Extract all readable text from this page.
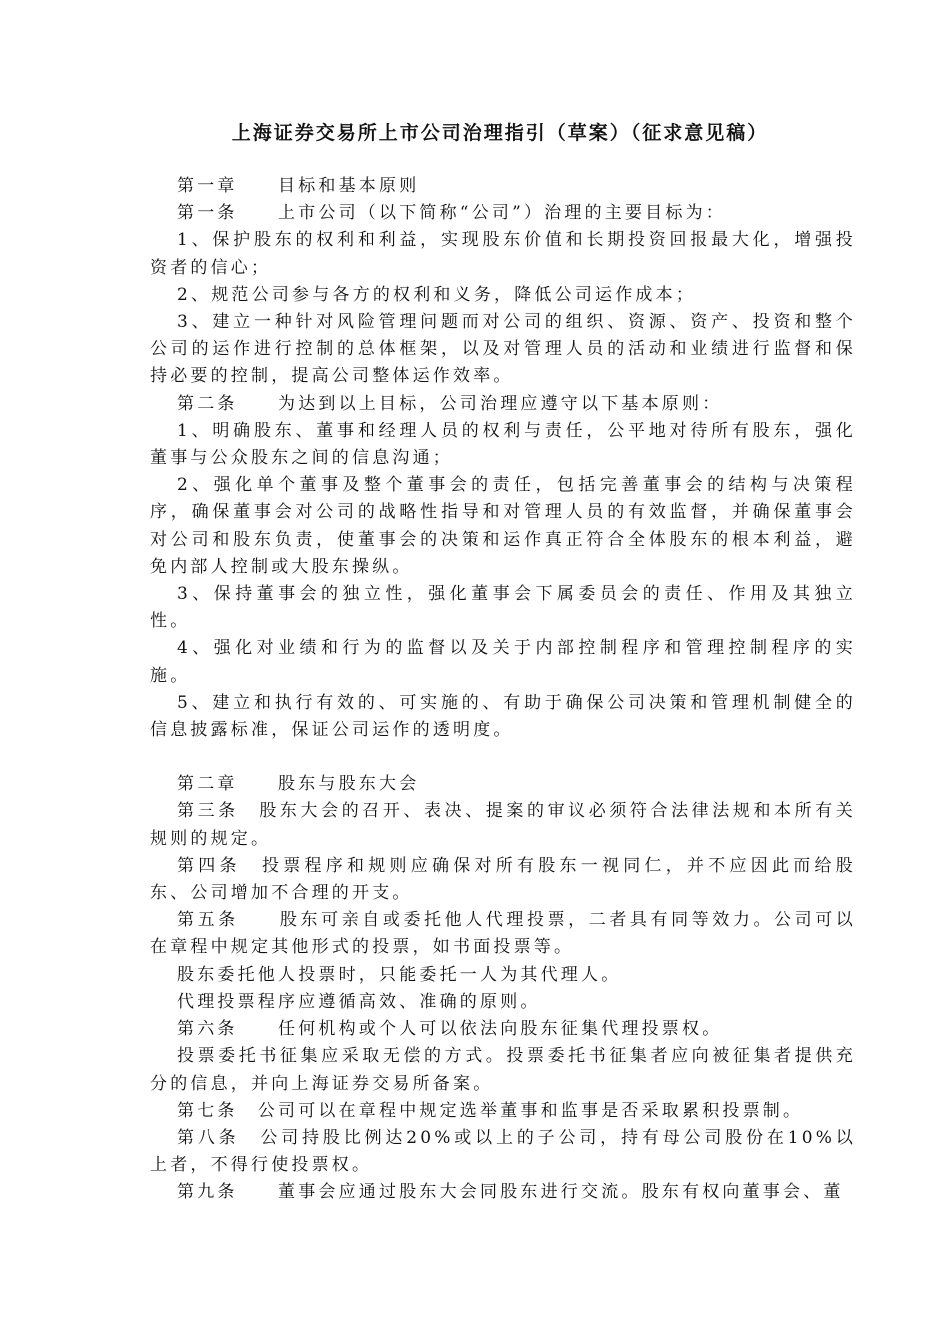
上海证券交易所上市公司治理指引（草案）（征求意见稿）

第一章　　目标和基本原则

第一条　　上市公司（以下简称“公司”）治理的主要目标为：

1、保护股东的权利和利益，实现股东价值和长期投资回报最大化，增强投资者的信心；

2、规范公司参与各方的权利和义务，降低公司运作成本；

3、建立一种针对风险管理问题而对公司的组织、资源、资产、投资和整个公司的运作进行控制的总体框架，以及对管理人员的活动和业绩进行监督和保持必要的控制，提高公司整体运作效率。

第二条　　为达到以上目标，公司治理应遵守以下基本原则：

1、明确股东、董事和经理人员的权利与责任，公平地对待所有股东，强化董事与公众股东之间的信息沟通；

2、强化单个董事及整个董事会的责任，包括完善董事会的结构与决策程序，确保董事会对公司的战略性指导和对管理人员的有效监督，并确保董事会对公司和股东负责，使董事会的决策和运作真正符合全体股东的根本利益，避免内部人控制或大股东操纵。

3、保持董事会的独立性，强化董事会下属委员会的责任、作用及其独立性。

4、强化对业绩和行为的监督以及关于内部控制程序和管理控制程序的实施。

5、建立和执行有效的、可实施的、有助于确保公司决策和管理机制健全的信息披露标准，保证公司运作的透明度。

第二章　　股东与股东大会

第三条　股东大会的召开、表决、提案的审议必须符合法律法规和本所有关规则的规定。

第四条　投票程序和规则应确保对所有股东一视同仁，并不应因此而给股东、公司增加不合理的开支。

第五条　　股东可亲自或委托他人代理投票，二者具有同等效力。公司可以在章程中规定其他形式的投票，如书面投票等。

股东委托他人投票时，只能委托一人为其代理人。

代理投票程序应遵循高效、准确的原则。

第六条　　任何机构或个人可以依法向股东征集代理投票权。

投票委托书征集应采取无偿的方式。投票委托书征集者应向被征集者提供充分的信息，并向上海证券交易所备案。

第七条　公司可以在章程中规定选举董事和监事是否采取累积投票制。

第八条　公司持股比例达20%或以上的子公司，持有母公司股份在10%以上者，不得行使投票权。

第九条　　董事会应通过股东大会同股东进行交流。股东有权向董事会、董
